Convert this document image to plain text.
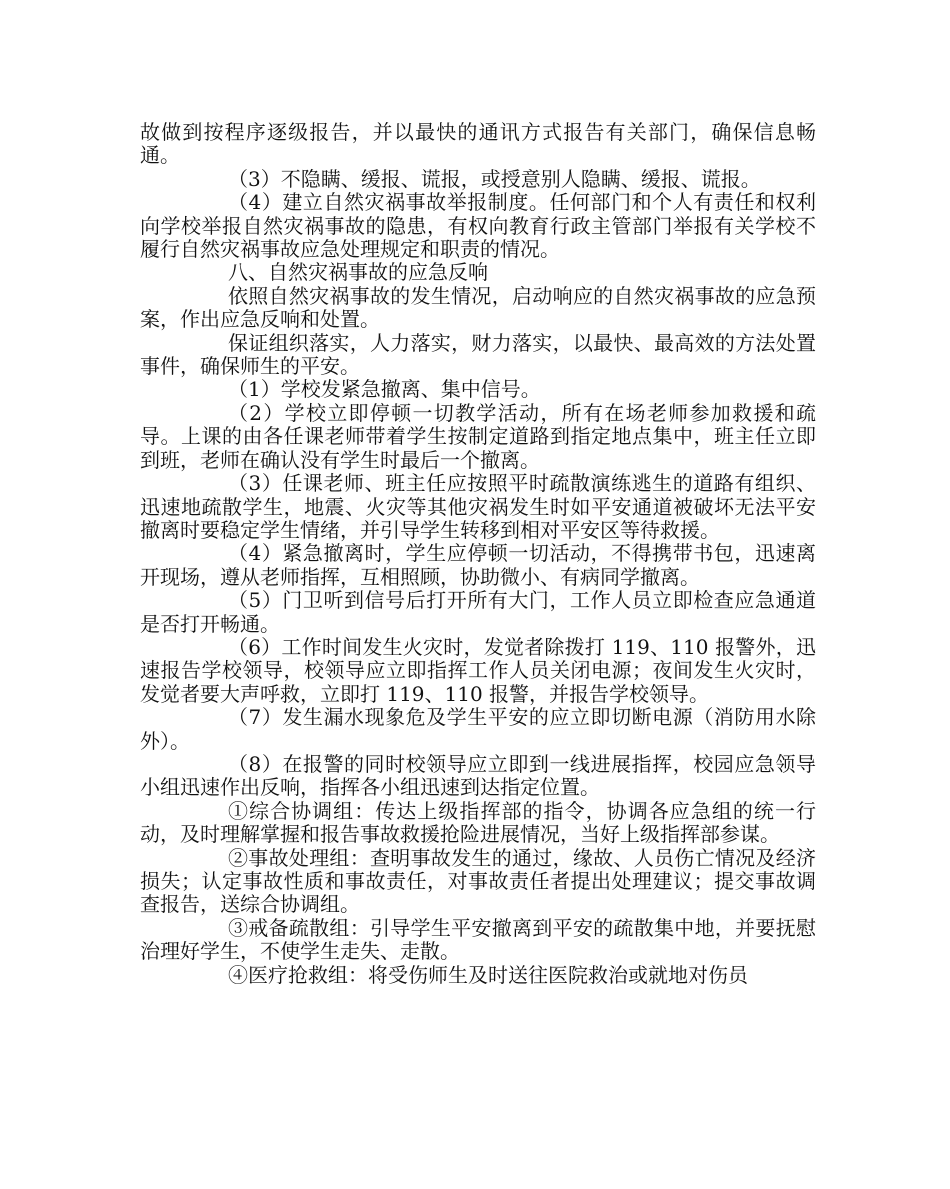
故做到按程序逐级报告，并以最快的通讯方式报告有关部门，确保信息畅通。

（3）不隐瞒、缓报、谎报，或授意别人隐瞒、缓报、谎报。

（4）建立自然灾祸事故举报制度。任何部门和个人有责任和权利向学校举报自然灾祸事故的隐患，有权向教育行政主管部门举报有关学校不履行自然灾祸事故应急处理规定和职责的情况。

八、自然灾祸事故的应急反响

依照自然灾祸事故的发生情况，启动响应的自然灾祸事故的应急预案，作出应急反响和处置。

保证组织落实，人力落实，财力落实，以最快、最高效的方法处置事件，确保师生的平安。

（1）学校发紧急撤离、集中信号。

（2）学校立即停顿一切教学活动，所有在场老师参加救援和疏导。上课的由各任课老师带着学生按制定道路到指定地点集中，班主任立即到班，老师在确认没有学生时最后一个撤离。

（3）任课老师、班主任应按照平时疏散演练逃生的道路有组织、迅速地疏散学生，地震、火灾等其他灾祸发生时如平安通道被破坏无法平安撤离时要稳定学生情绪，并引导学生转移到相对平安区等待救援。

（4）紧急撤离时，学生应停顿一切活动，不得携带书包，迅速离开现场，遵从老师指挥，互相照顾，协助微小、有病同学撤离。

（5）门卫听到信号后打开所有大门，工作人员立即检查应急通道是否打开畅通。

（6）工作时间发生火灾时，发觉者除拨打 119、110 报警外，迅速报告学校领导，校领导应立即指挥工作人员关闭电源；夜间发生火灾时，发觉者要大声呼救，立即打 119、110 报警，并报告学校领导。

（7）发生漏水现象危及学生平安的应立即切断电源（消防用水除外）。

（8）在报警的同时校领导应立即到一线进展指挥，校园应急领导小组迅速作出反响，指挥各小组迅速到达指定位置。

①综合协调组：传达上级指挥部的指令，协调各应急组的统一行动，及时理解掌握和报告事故救援抢险进展情况，当好上级指挥部参谋。

②事故处理组：查明事故发生的通过，缘故、人员伤亡情况及经济损失；认定事故性质和事故责任，对事故责任者提出处理建议；提交事故调查报告，送综合协调组。

③戒备疏散组：引导学生平安撤离到平安的疏散集中地，并要抚慰治理好学生，不使学生走失、走散。

④医疗抢救组：将受伤师生及时送往医院救治或就地对伤员
